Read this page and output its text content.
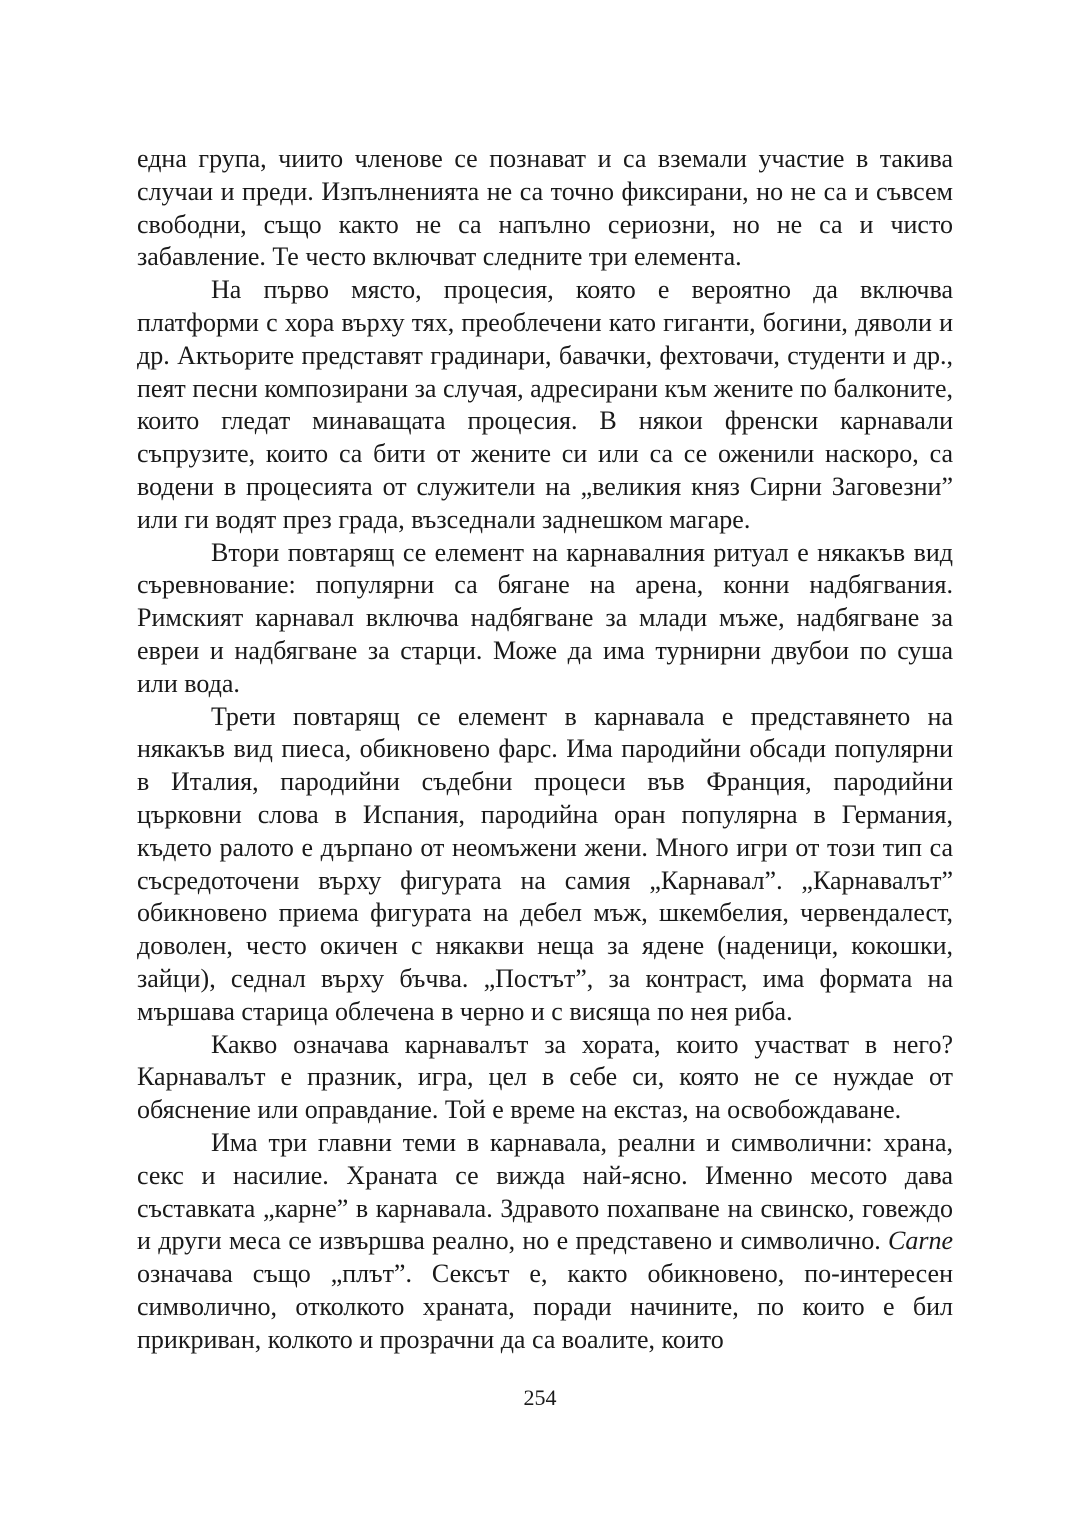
една група, чиито членове се познават и са вземали участие в такива случаи и преди. Изпълненията не са точно фиксирани, но не са и съвсем свободни, също както не са напълно сериозни, но не са и чисто забавление. Те често включват следните три елемента.

На първо място, процесия, която е вероятно да включва платформи с хора върху тях, преоблечени като гиганти, богини, дяволи и др. Актьорите представят градинари, бавачки, фехтовачи, студенти и др., пеят песни композирани за случая, адресирани към жените по балконите, които гледат минаващата процесия. В някои френски карнавали съпрузите, които са бити от жените си или са се оженили наскоро, са водени в процесията от служители на „великия княз Сирни Заговезни” или ги водят през града, възседнали заднешком магаре.

Втори повтарящ се елемент на карнавалния ритуал е някакъв вид съревнование: популярни са бягане на арена, конни надбягвания. Римският карнавал включва надбягване за млади мъже, надбягване за евреи и надбягване за старци. Може да има турнирни двубои по суша или вода.

Трети повтарящ се елемент в карнавала е представянето на някакъв вид пиеса, обикновено фарс. Има пародийни обсади популярни в Италия, пародийни съдебни процеси във Франция, пародийни църковни слова в Испания, пародийна оран популярна в Германия, където ралото е дърпано от неомъжени жени. Много игри от този тип са съсредоточени върху фигурата на самия „Карнавал”. „Карнавалът” обикновено приема фигурата на дебел мъж, шкембелия, червендалест, доволен, често окичен с някакви неща за ядене (наденици, кокошки, зайци), седнал върху бъчва. „Постът”, за контраст, има формата на мършава старица облечена в черно и с висяща по нея риба.

Какво означава карнавалът за хората, които участват в него? Карнавалът е празник, игра, цел в себе си, която не се нуждае от обяснение или оправдание. Той е време на екстаз, на освобождаване.

Има три главни теми в карнавала, реални и символични: храна, секс и насилие. Храната се вижда най-ясно. Именно месото дава съставката „карне” в карнавала. Здравото похапване на свинско, говеждо и други меса се извършва реално, но е представено и символично. Carne означава също „плът”. Сексът е, както обикновено, по-интересен символично, отколкото храната, поради начините, по които е бил прикриван, колкото и прозрачни да са воалите, които

254
